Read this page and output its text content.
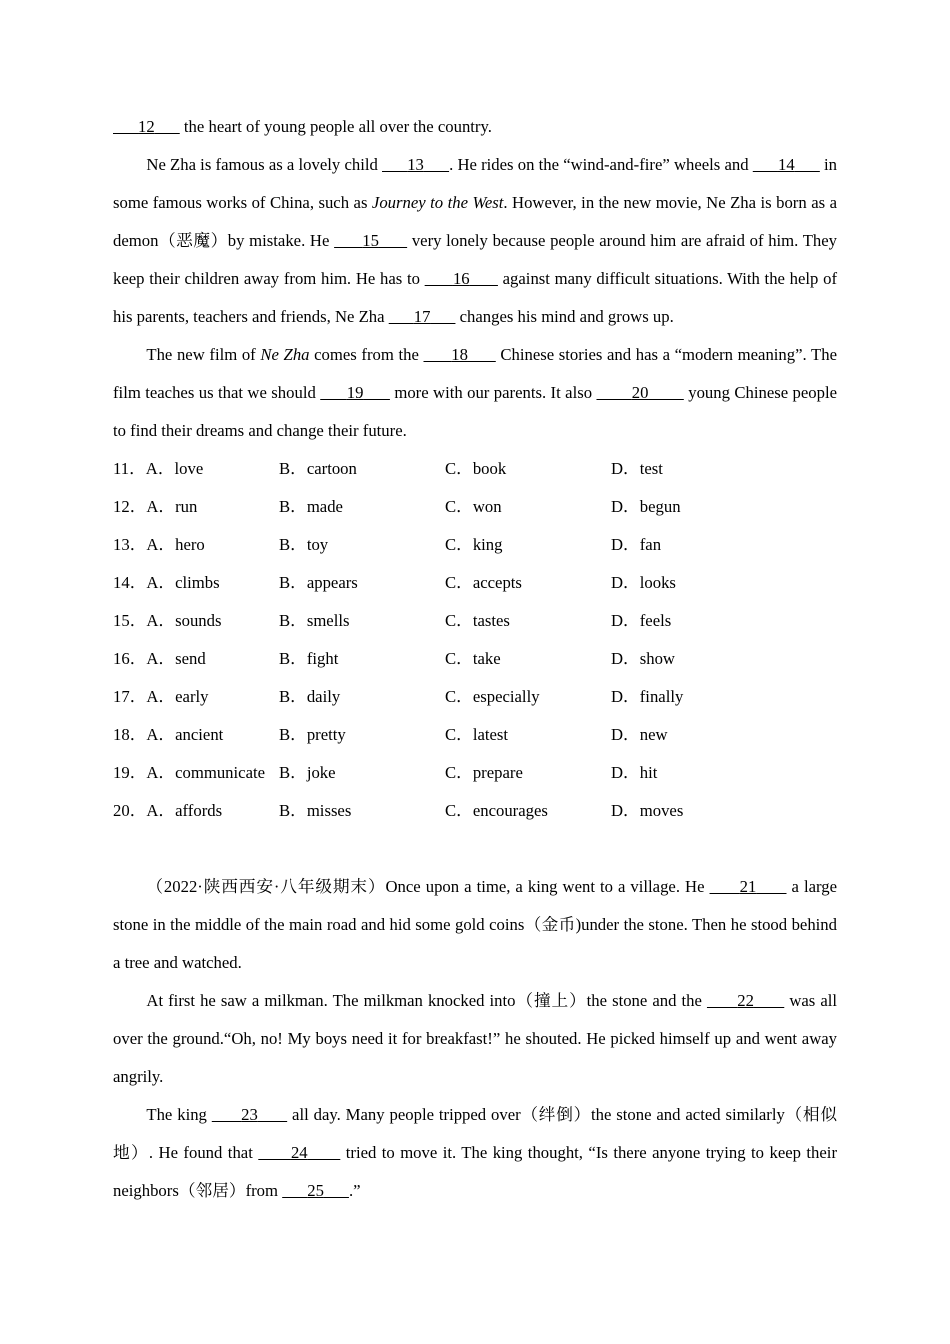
12 the heart of young people all over the country.

Ne Zha is famous as a lovely child 13 . He rides on the “wind-and-fire” wheels and 14 in some famous works of China, such as Journey to the West. However, in the new movie, Ne Zha is born as a demon（恶魔）by mistake. He 15 very lonely because people around him are afraid of him. They keep their children away from him. He has to 16 against many difficult situations. With the help of his parents, teachers and friends, Ne Zha 17 changes his mind and grows up.

The new film of Ne Zha comes from the 18 Chinese stories and has a “modern meaning”. The film teaches us that we should 19 more with our parents. It also 20 young Chinese people to find their dreams and change their future.

11．A．love	B．cartoon	C．book	D．test
12．A．run	B．made	C．won	D．begun
13．A．hero	B．toy	C．king	D．fan
14．A．climbs	B．appears	C．accepts	D．looks
15．A．sounds	B．smells	C．tastes	D．feels
16．A．send	B．fight	C．take	D．show
17．A．early	B．daily	C．especially	D．finally
18．A．ancient	B．pretty	C．latest	D．new
19．A．communicate B．joke	C．prepare	D．hit
20．A．affords	B．misses	C．encourages	D．moves

（2022·陕西西安·八年级期末）Once upon a time, a king went to a village. He 21 a large stone in the middle of the main road and hid some gold coins（金币)under the stone. Then he stood behind a tree and watched.

At first he saw a milkman. The milkman knocked into（撞上）the stone and the 22 was all over the ground.“Oh, no! My boys need it for breakfast!” he shouted. He picked himself up and went away angrily.

The king 23 all day. Many people tripped over（绊倒）the stone and acted similarly（相似地）. He found that 24 tried to move it. The king thought, “Is there anyone trying to keep their neighbors（邻居）from 25 .”
